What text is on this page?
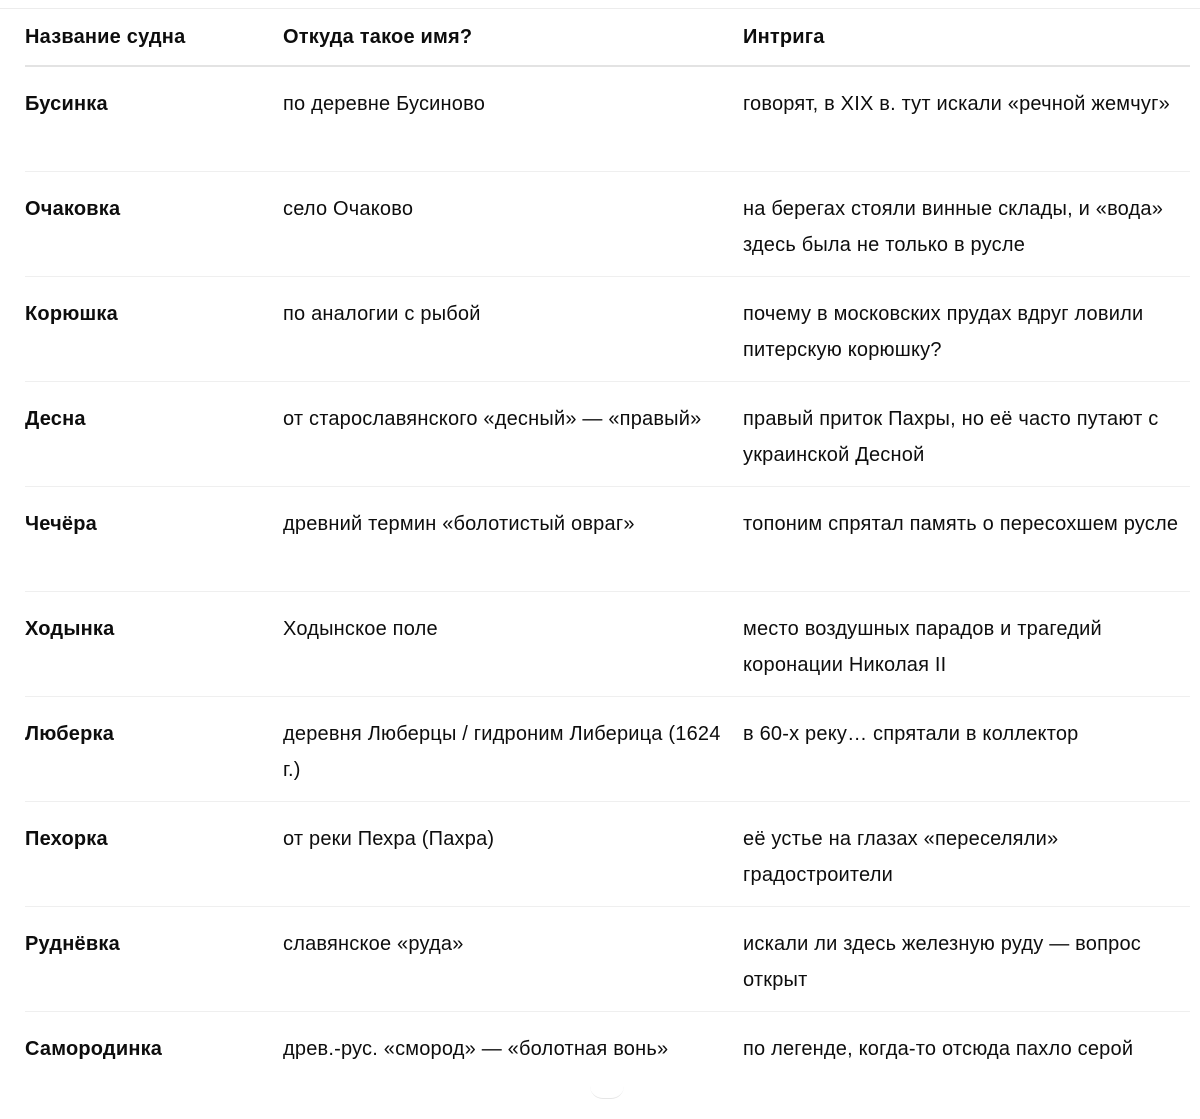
Название судна	Откуда такое имя?	Интрига

Бусинка	по деревне Бусиново	говорят, в XIX в. тут искали «речной жемчуг»

Очаковка	село Очаково	на берегах стояли винные склады, и «вода» здесь была не только в русле

Корюшка	по аналогии с рыбой	почему в московских прудах вдруг ловили питерскую корюшку?

Десна	от старославянского «десный» — «правый»	правый приток Пахры, но её часто путают с украинской Десной

Чечёра	древний термин «болотистый овраг»	топоним спрятал память о пересохшем русле

Ходынка	Ходынское поле	место воздушных парадов и трагедий коронации Николая II

Люберка	деревня Люберцы / гидроним Либерица (1624 г.)	в 60-х реку… спрятали в коллектор

Пехорка	от реки Пехра (Пахра)	её устье на глазах «переселяли» градостроители

Руднёвка	славянское «руда»	искали ли здесь железную руду — вопрос открыт

Самородинка	древ.-рус. «смород» — «болотная вонь»	по легенде, когда-то отсюда пахло серой
